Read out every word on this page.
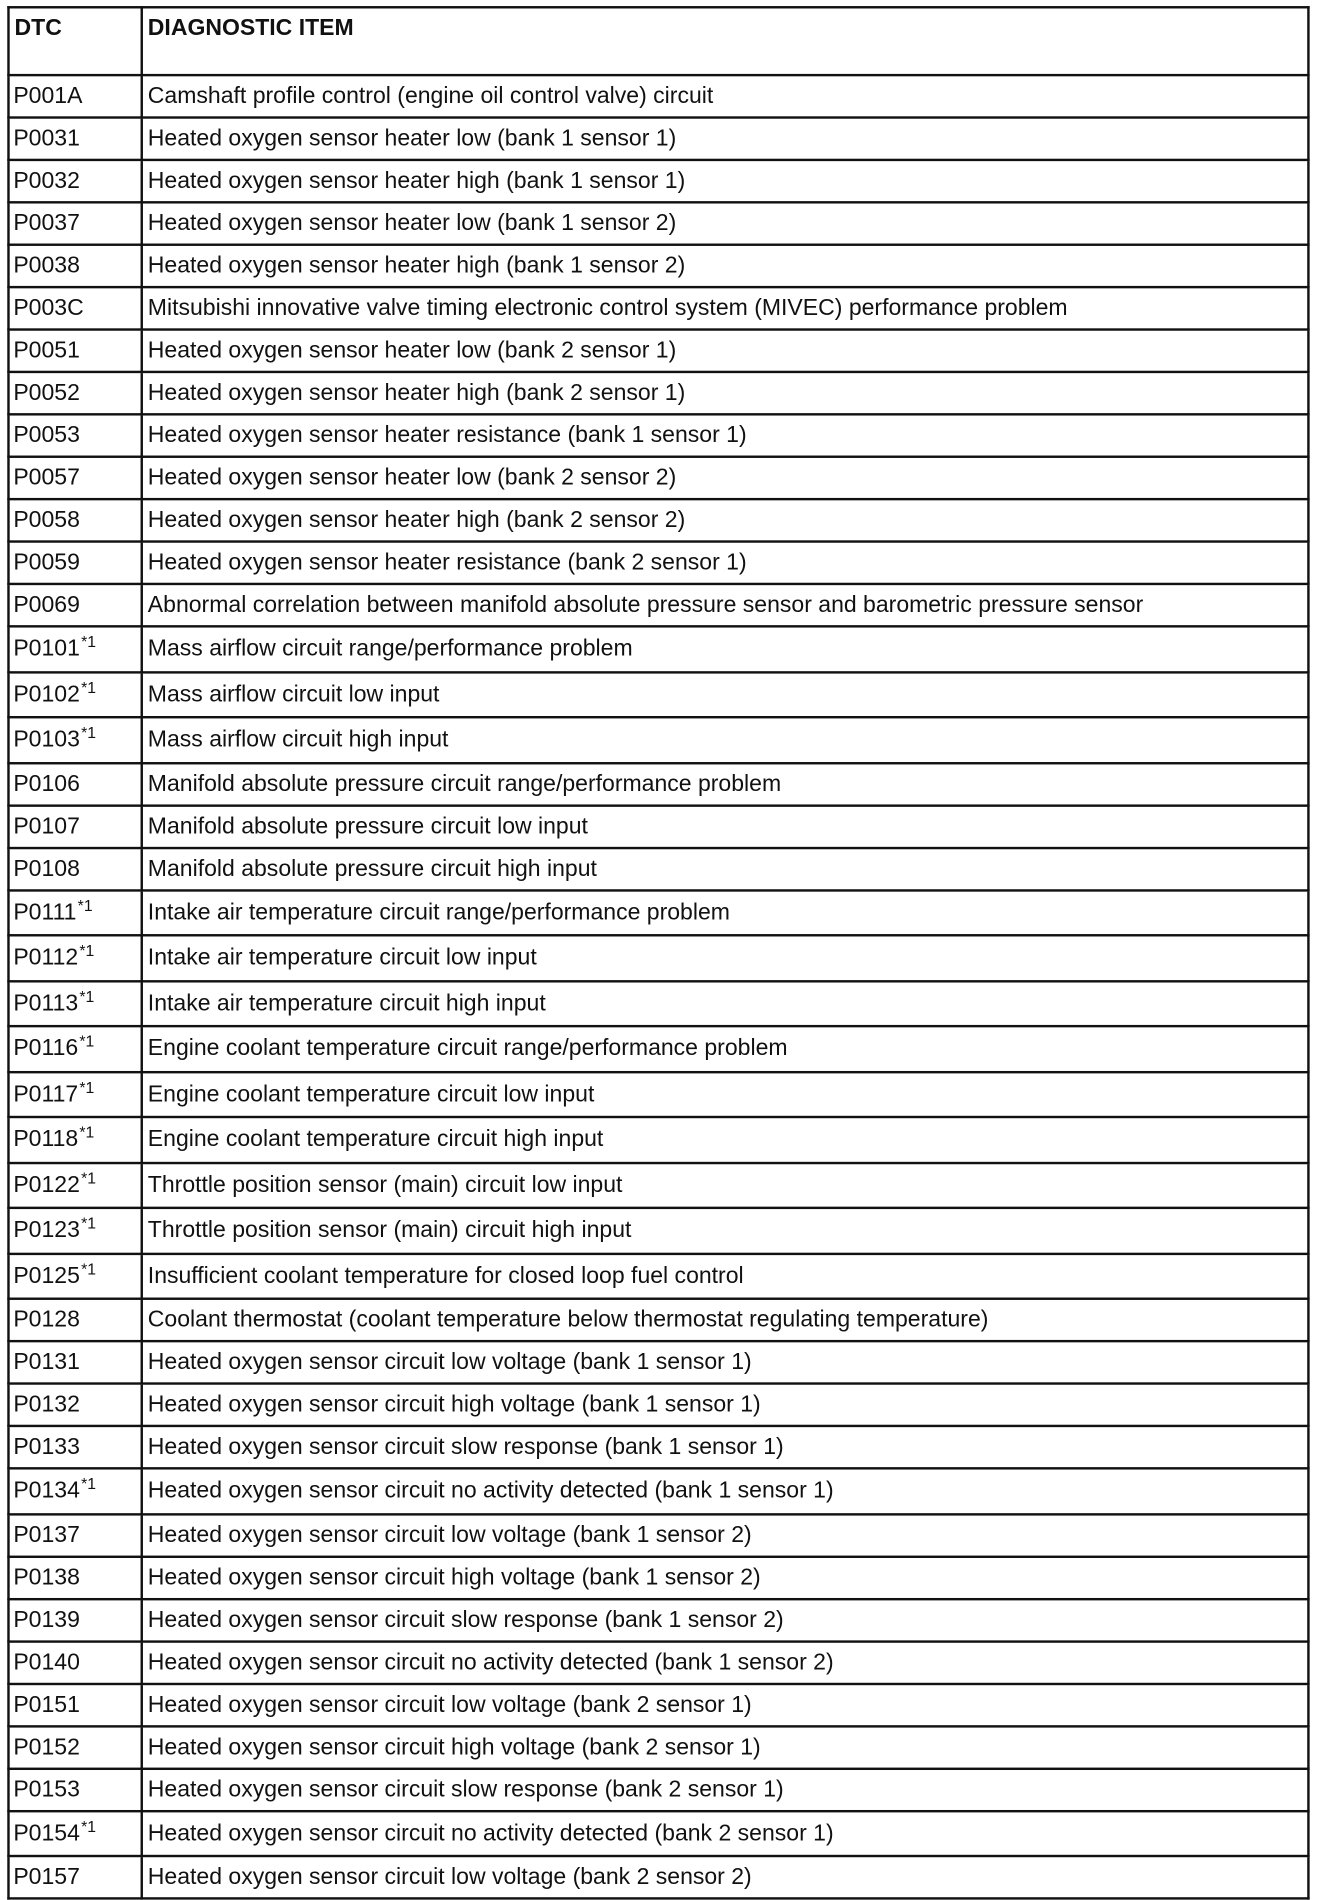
DTC	DIAGNOSTIC ITEM
P001A	Camshaft profile control (engine oil control valve) circuit
P0031	Heated oxygen sensor heater low (bank 1 sensor 1)
P0032	Heated oxygen sensor heater high (bank 1 sensor 1)
P0037	Heated oxygen sensor heater low (bank 1 sensor 2)
P0038	Heated oxygen sensor heater high (bank 1 sensor 2)
P003C	Mitsubishi innovative valve timing electronic control system (MIVEC) performance problem
P0051	Heated oxygen sensor heater low (bank 2 sensor 1)
P0052	Heated oxygen sensor heater high (bank 2 sensor 1)
P0053	Heated oxygen sensor heater resistance (bank 1 sensor 1)
P0057	Heated oxygen sensor heater low (bank 2 sensor 2)
P0058	Heated oxygen sensor heater high (bank 2 sensor 2)
P0059	Heated oxygen sensor heater resistance (bank 2 sensor 1)
P0069	Abnormal correlation between manifold absolute pressure sensor and barometric pressure sensor
P0101$^{*1}$	Mass airflow circuit range/performance problem
P0102$^{*1}$	Mass airflow circuit low input
P0103$^{*1}$	Mass airflow circuit high input
P0106	Manifold absolute pressure circuit range/performance problem
P0107	Manifold absolute pressure circuit low input
P0108	Manifold absolute pressure circuit high input
P0111$^{*1}$	Intake air temperature circuit range/performance problem
P0112$^{*1}$	Intake air temperature circuit low input
P0113$^{*1}$	Intake air temperature circuit high input
P0116$^{*1}$	Engine coolant temperature circuit range/performance problem
P0117$^{*1}$	Engine coolant temperature circuit low input
P0118$^{*1}$	Engine coolant temperature circuit high input
P0122$^{*1}$	Throttle position sensor (main) circuit low input
P0123$^{*1}$	Throttle position sensor (main) circuit high input
P0125$^{*1}$	Insufficient coolant temperature for closed loop fuel control
P0128	Coolant thermostat (coolant temperature below thermostat regulating temperature)
P0131	Heated oxygen sensor circuit low voltage (bank 1 sensor 1)
P0132	Heated oxygen sensor circuit high voltage (bank 1 sensor 1)
P0133	Heated oxygen sensor circuit slow response (bank 1 sensor 1)
P0134$^{*1}$	Heated oxygen sensor circuit no activity detected (bank 1 sensor 1)
P0137	Heated oxygen sensor circuit low voltage (bank 1 sensor 2)
P0138	Heated oxygen sensor circuit high voltage (bank 1 sensor 2)
P0139	Heated oxygen sensor circuit slow response (bank 1 sensor 2)
P0140	Heated oxygen sensor circuit no activity detected (bank 1 sensor 2)
P0151	Heated oxygen sensor circuit low voltage (bank 2 sensor 1)
P0152	Heated oxygen sensor circuit high voltage (bank 2 sensor 1)
P0153	Heated oxygen sensor circuit slow response (bank 2 sensor 1)
P0154$^{*1}$	Heated oxygen sensor circuit no activity detected (bank 2 sensor 1)
P0157	Heated oxygen sensor circuit low voltage (bank 2 sensor 2)
